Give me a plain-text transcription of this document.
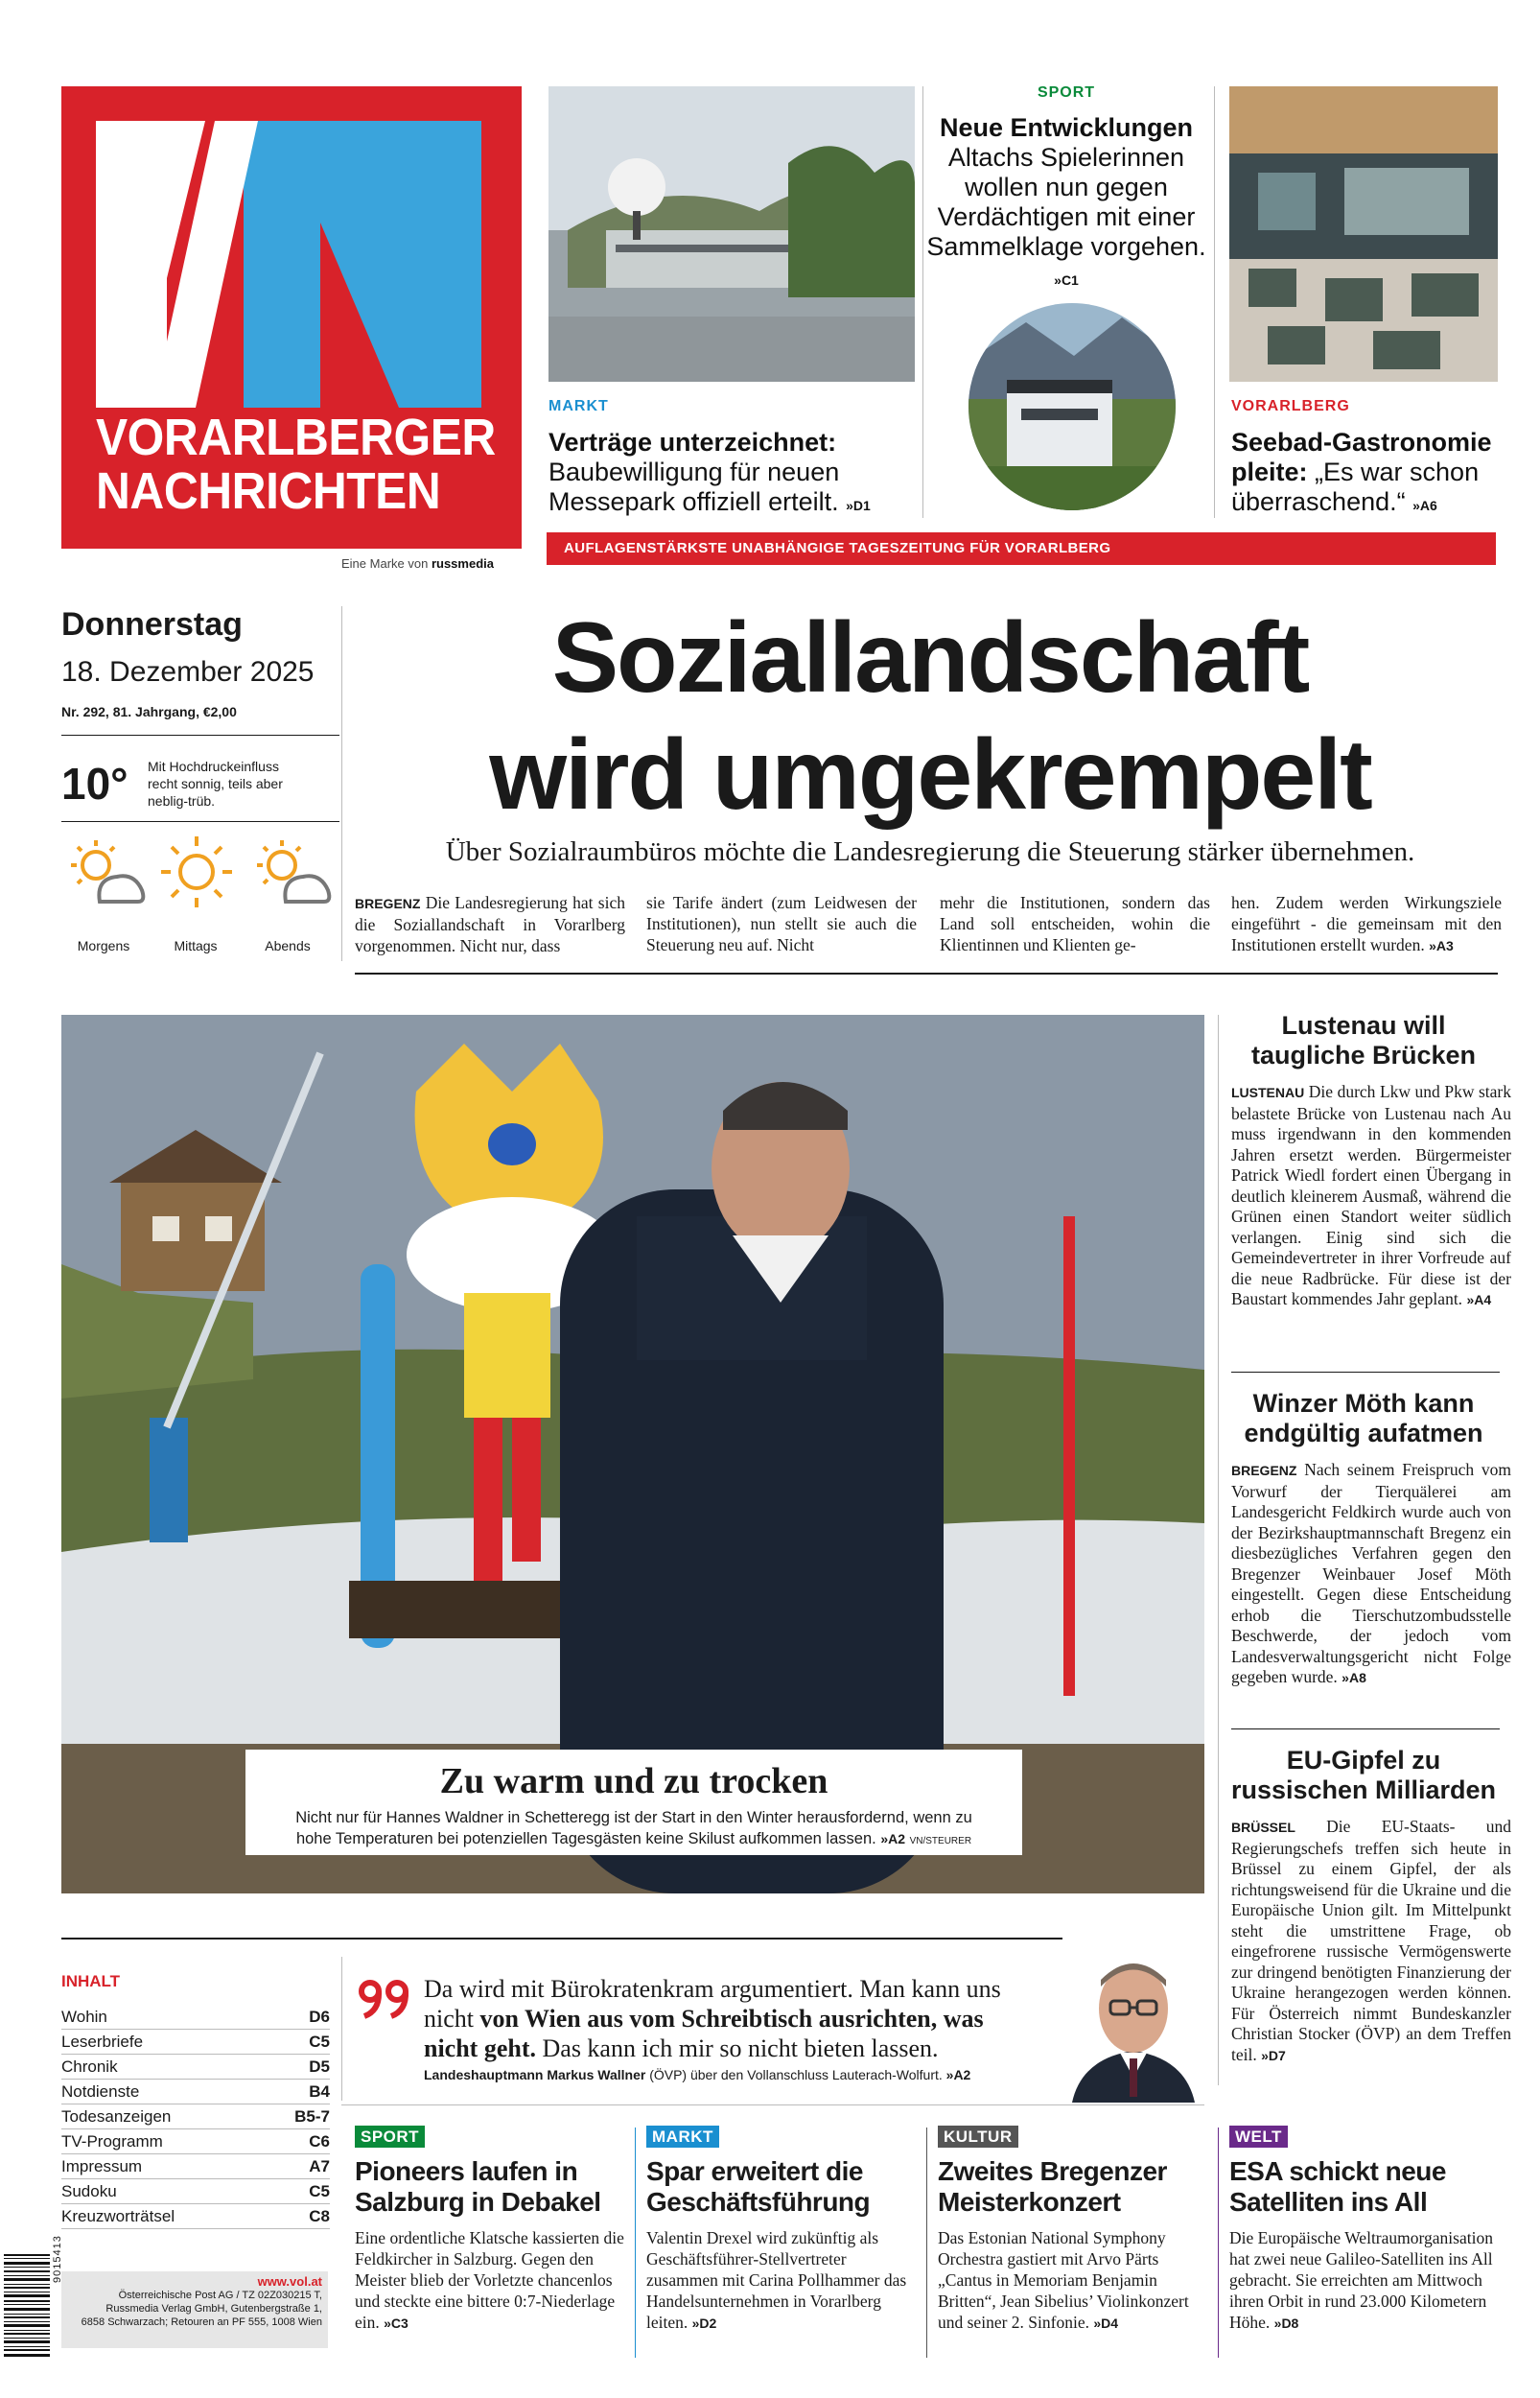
VORARLBERGER
NACHRICHTEN
Eine Marke von russmedia
MARKT
Verträge unterzeichnet: Baubewilligung für neuen Messepark offiziell erteilt. »D1
SPORT
Neue Entwicklungen
Altachs Spielerinnen wollen nun gegen Verdächtigen mit einer Sammelklage vorgehen. »C1
VORARLBERG
Seebad-Gastronomie pleite: „Es war schon überraschend.“ »A6
AUFLAGENSTÄRKSTE UNABHÄNGIGE TAGESZEITUNG FÜR VORARLBERG
Donnerstag
18. Dezember 2025
Nr. 292, 81. Jahrgang, €2,00
10° Mit Hochdruckeinfluss
recht sonnig, teils aber
neblig-trüb.
Morgens	Mittags	Abends
Soziallandschaft
wird umgekrempelt
Über Sozialraumbüros möchte die Landesregierung die Steuerung stärker übernehmen.
BREGENZ Die Landesregierung hat sich die Soziallandschaft in Vorarlberg vorgenommen. Nicht nur, dass
sie Tarife ändert (zum Leidwesen der Institutionen), nun stellt sie auch die Steuerung neu auf. Nicht
mehr die Institutionen, sondern das Land soll entscheiden, wohin die Klientinnen und Klienten ge-
hen. Zudem werden Wirkungsziele eingeführt - die gemeinsam mit den Institutionen erstellt wurden. »A3
Zu warm und zu trocken
Nicht nur für Hannes Waldner in Schetteregg ist der Start in den Winter herausfordernd, wenn zu
hohe Temperaturen bei potenziellen Tagesgästen keine Skilust aufkommen lassen. »A2 VN/STEURER
Lustenau will
taugliche Brücken
LUSTENAU Die durch Lkw und Pkw stark belastete Brücke von Lustenau nach Au muss irgendwann in den kommenden Jahren ersetzt werden. Bürgermeister Patrick Wiedl fordert einen Übergang in deutlich kleinerem Ausmaß, während die Grünen einen Standort weiter südlich verlangen. Einig sind sich die Gemeindevertreter in ihrer Vorfreude auf die neue Radbrücke. Für diese ist der Baustart kommendes Jahr geplant. »A4
Winzer Möth kann
endgültig aufatmen
BREGENZ Nach seinem Freispruch vom Vorwurf der Tierquälerei am Landesgericht Feldkirch wurde auch von der Bezirkshauptmannschaft Bregenz ein diesbezügliches Verfahren gegen den Bregenzer Weinbauer Josef Möth eingestellt. Gegen diese Entscheidung erhob die Tierschutzombudsstelle Beschwerde, der jedoch vom Landesverwaltungsgericht nicht Folge gegeben wurde. »A8
EU-Gipfel zu
russischen Milliarden
BRÜSSEL Die EU-Staats- und Regierungschefs treffen sich heute in Brüssel zu einem Gipfel, der als richtungsweisend für die Ukraine und die Europäische Union gilt. Im Mittelpunkt steht die umstrittene Frage, ob eingefrorene russische Vermögenswerte zur dringend benötigten Finanzierung der Ukraine herangezogen werden können. Für Österreich nimmt Bundeskanzler Christian Stocker (ÖVP) an dem Treffen teil. »D7
INHALT
Wohin	D6
Leserbriefe	C5
Chronik	D5
Notdienste	B4
Todesanzeigen	B5-7
TV-Programm	C6
Impressum	A7
Sudoku	C5
Kreuzworträtsel	C8
www.vol.at
Österreichische Post AG / TZ 02Z030215 T,
Russmedia Verlag GmbH, Gutenbergstraße 1,
6858 Schwarzach; Retouren an PF 555, 1008 Wien
9015413
Da wird mit Bürokratenkram argumentiert. Man kann uns nicht von Wien aus vom Schreibtisch ausrichten, was nicht geht. Das kann ich mir so nicht bieten lassen.
Landeshauptmann Markus Wallner (ÖVP) über den Vollanschluss Lauterach-Wolfurt. »A2
SPORT
Pioneers laufen in
Salzburg in Debakel
Eine ordentliche Klatsche kassierten die Feldkircher in Salzburg. Gegen den Meister blieb der Vorletzte chancenlos und steckte eine bittere 0:7-Niederlage ein. »C3
MARKT
Spar erweitert die
Geschäftsführung
Valentin Drexel wird zukünftig als Geschäftsführer-Stellvertreter zusammen mit Carina Pollhammer das Handelsunternehmen in Vorarlberg leiten. »D2
KULTUR
Zweites Bregenzer
Meisterkonzert
Das Estonian National Symphony Orchestra gastiert mit Arvo Pärts „Cantus in Memoriam Benjamin Britten“, Jean Sibelius’ Violinkonzert und seiner 2. Sinfonie. »D4
WELT
ESA schickt neue
Satelliten ins All
Die Europäische Weltraumorganisation hat zwei neue Galileo-Satelliten ins All gebracht. Sie erreichten am Mittwoch ihren Orbit in rund 23.000 Kilometern Höhe. »D8
